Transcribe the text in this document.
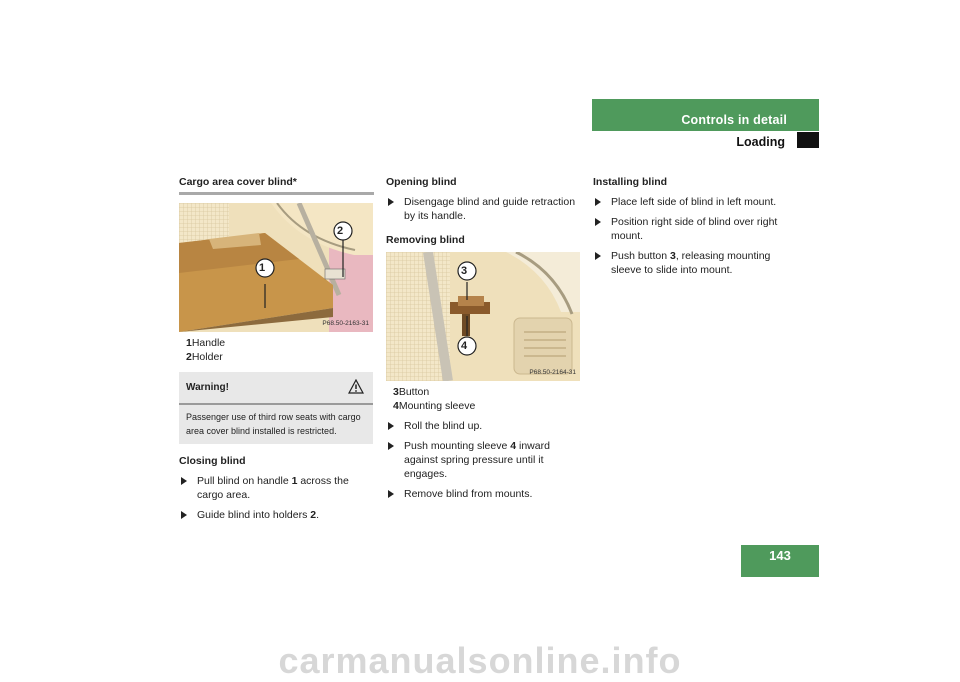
Controls in detail
Loading

Cargo area cover blind*

1
2
P68.50-2163-31
1Handle
2Holder
Warning!
Passenger use of third row seats with cargo area cover blind installed is restricted.
Closing blind
Pull blind on handle 1 across the cargo area.
Guide blind into holders 2.
Opening blind
Disengage blind and guide retraction by its handle.
Removing blind
3
4
P68.50-2164-31
3Button
4Mounting sleeve
Roll the blind up.
Push mounting sleeve 4 inward against spring pressure until it engages.
Remove blind from mounts.
Installing blind
Place left side of blind in left mount.
Position right side of blind over right mount.
Push button 3, releasing mounting sleeve to slide into mount.
143
carmanualsonline.info
